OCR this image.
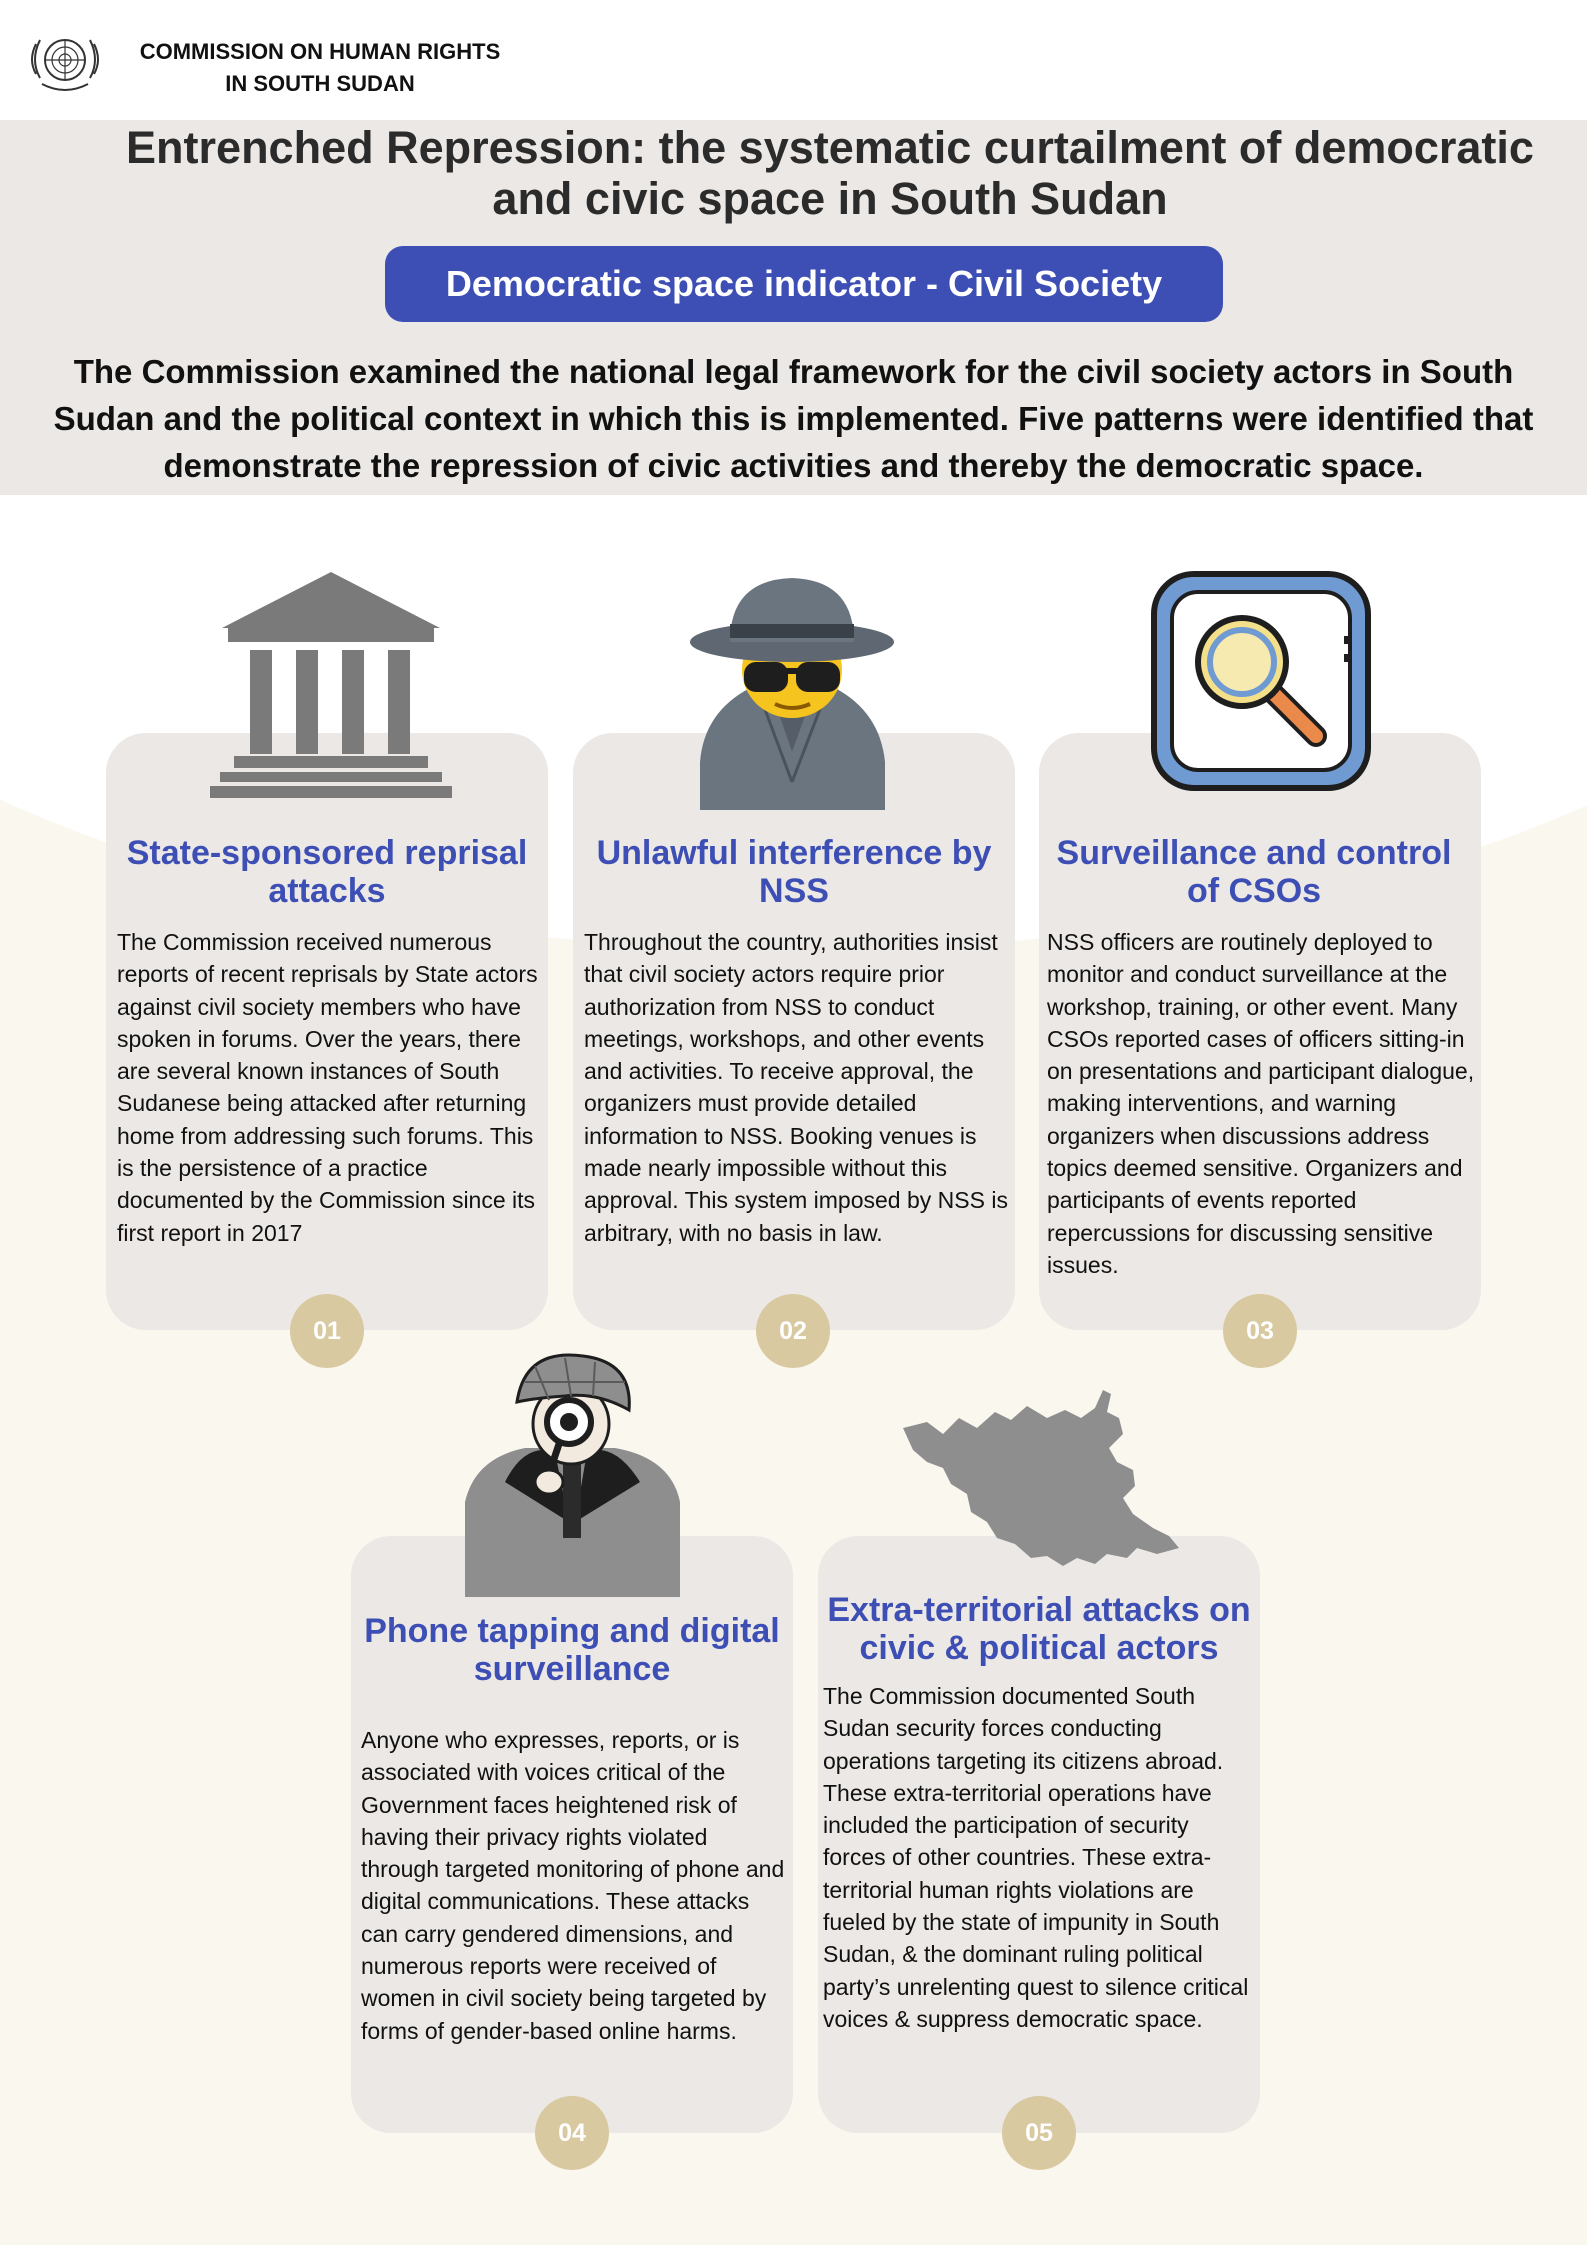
COMMISSION ON HUMAN RIGHTS
IN SOUTH SUDAN
Entrenched Repression: the systematic curtailment of democratic and civic space in South Sudan
Democratic space indicator - Civil Society
The Commission examined the national legal framework for the civil society actors in South Sudan and the political context in which this is implemented. Five patterns were identified that demonstrate the repression of civic activities and thereby the democratic space.
State-sponsored reprisal attacks
The Commission received numerous reports of recent reprisals by State actors against civil society members who have spoken in forums. Over the years, there are several known instances of South Sudanese being attacked after returning home from addressing such forums. This is the persistence of a practice documented by the Commission since its first report in 2017
01
Unlawful interference by NSS
Throughout the country, authorities insist that civil society actors require prior authorization from NSS to conduct meetings, workshops, and other events and activities. To receive approval, the organizers must provide detailed information to NSS. Booking venues is made nearly impossible without this approval. This system imposed by NSS is arbitrary, with no basis in law.
02
Surveillance and control of CSOs
NSS officers are routinely deployed to monitor and conduct surveillance at the workshop, training, or other event. Many CSOs reported cases of officers sitting-in on presentations and participant dialogue, making interventions, and warning organizers when discussions address topics deemed sensitive. Organizers and participants of events reported repercussions for discussing sensitive issues.
03
Phone tapping and digital surveillance
Anyone who expresses, reports, or is associated with voices critical of the Government faces heightened risk of having their privacy rights violated through targeted monitoring of phone and digital communications. These attacks can carry gendered dimensions, and numerous reports were received of women in civil society being targeted by forms of gender-based online harms.
04
Extra-territorial attacks on civic & political actors
The Commission documented South Sudan security forces conducting operations targeting its citizens abroad. These extra-territorial operations have included the participation of security forces of other countries. These extra-territorial human rights violations are fueled by the state of impunity in South Sudan, & the dominant ruling political party’s unrelenting quest to silence critical voices & suppress democratic space.
05
